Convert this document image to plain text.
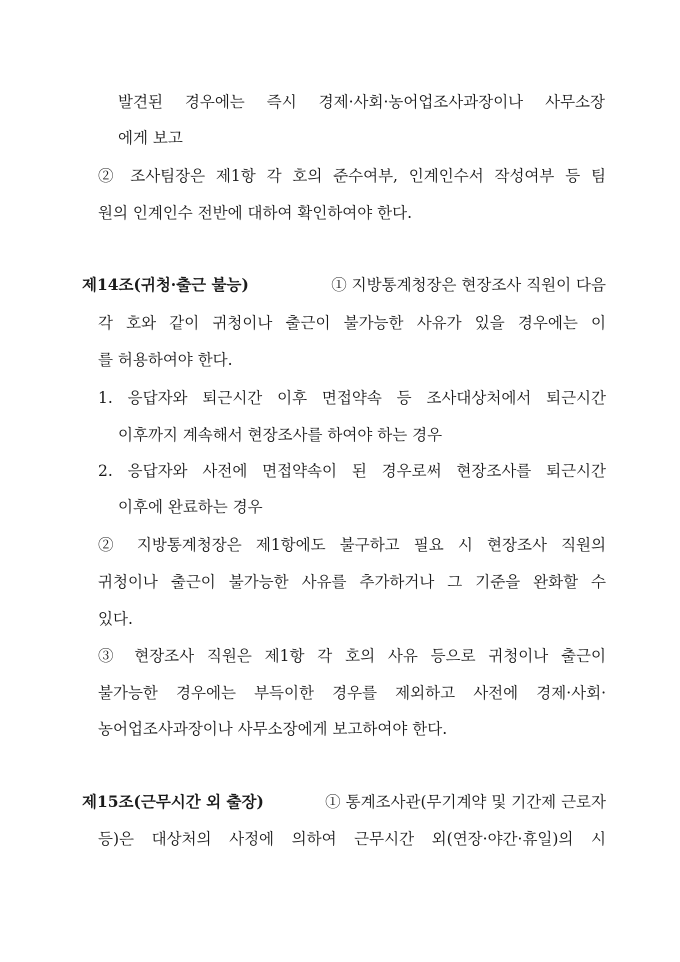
발견된 경우에는 즉시 경제·사회·농어업조사과장이나 사무소장
에게 보고
② 조사팀장은 제1항 각 호의 준수여부, 인계인수서 작성여부 등 팀
원의 인계인수 전반에 대하여 확인하여야 한다.
제14조(귀청·출근 불능)	① 지방통계청장은 현장조사 직원이 다음
각 호와 같이 귀청이나 출근이 불가능한 사유가 있을 경우에는 이
를 허용하여야 한다.
1. 응답자와 퇴근시간 이후 면접약속 등 조사대상처에서 퇴근시간
이후까지 계속해서 현장조사를 하여야 하는 경우
2. 응답자와 사전에 면접약속이 된 경우로써 현장조사를 퇴근시간
이후에 완료하는 경우
② 지방통계청장은 제1항에도 불구하고 필요 시 현장조사 직원의
귀청이나 출근이 불가능한 사유를 추가하거나 그 기준을 완화할 수
있다.
③ 현장조사 직원은 제1항 각 호의 사유 등으로 귀청이나 출근이
불가능한 경우에는 부득이한 경우를 제외하고 사전에 경제·사회·
농어업조사과장이나 사무소장에게 보고하여야 한다.
제15조(근무시간 외 출장)	① 통계조사관(무기계약 및 기간제 근로자
등)은 대상처의 사정에 의하여 근무시간 외(연장·야간·휴일)의 시
